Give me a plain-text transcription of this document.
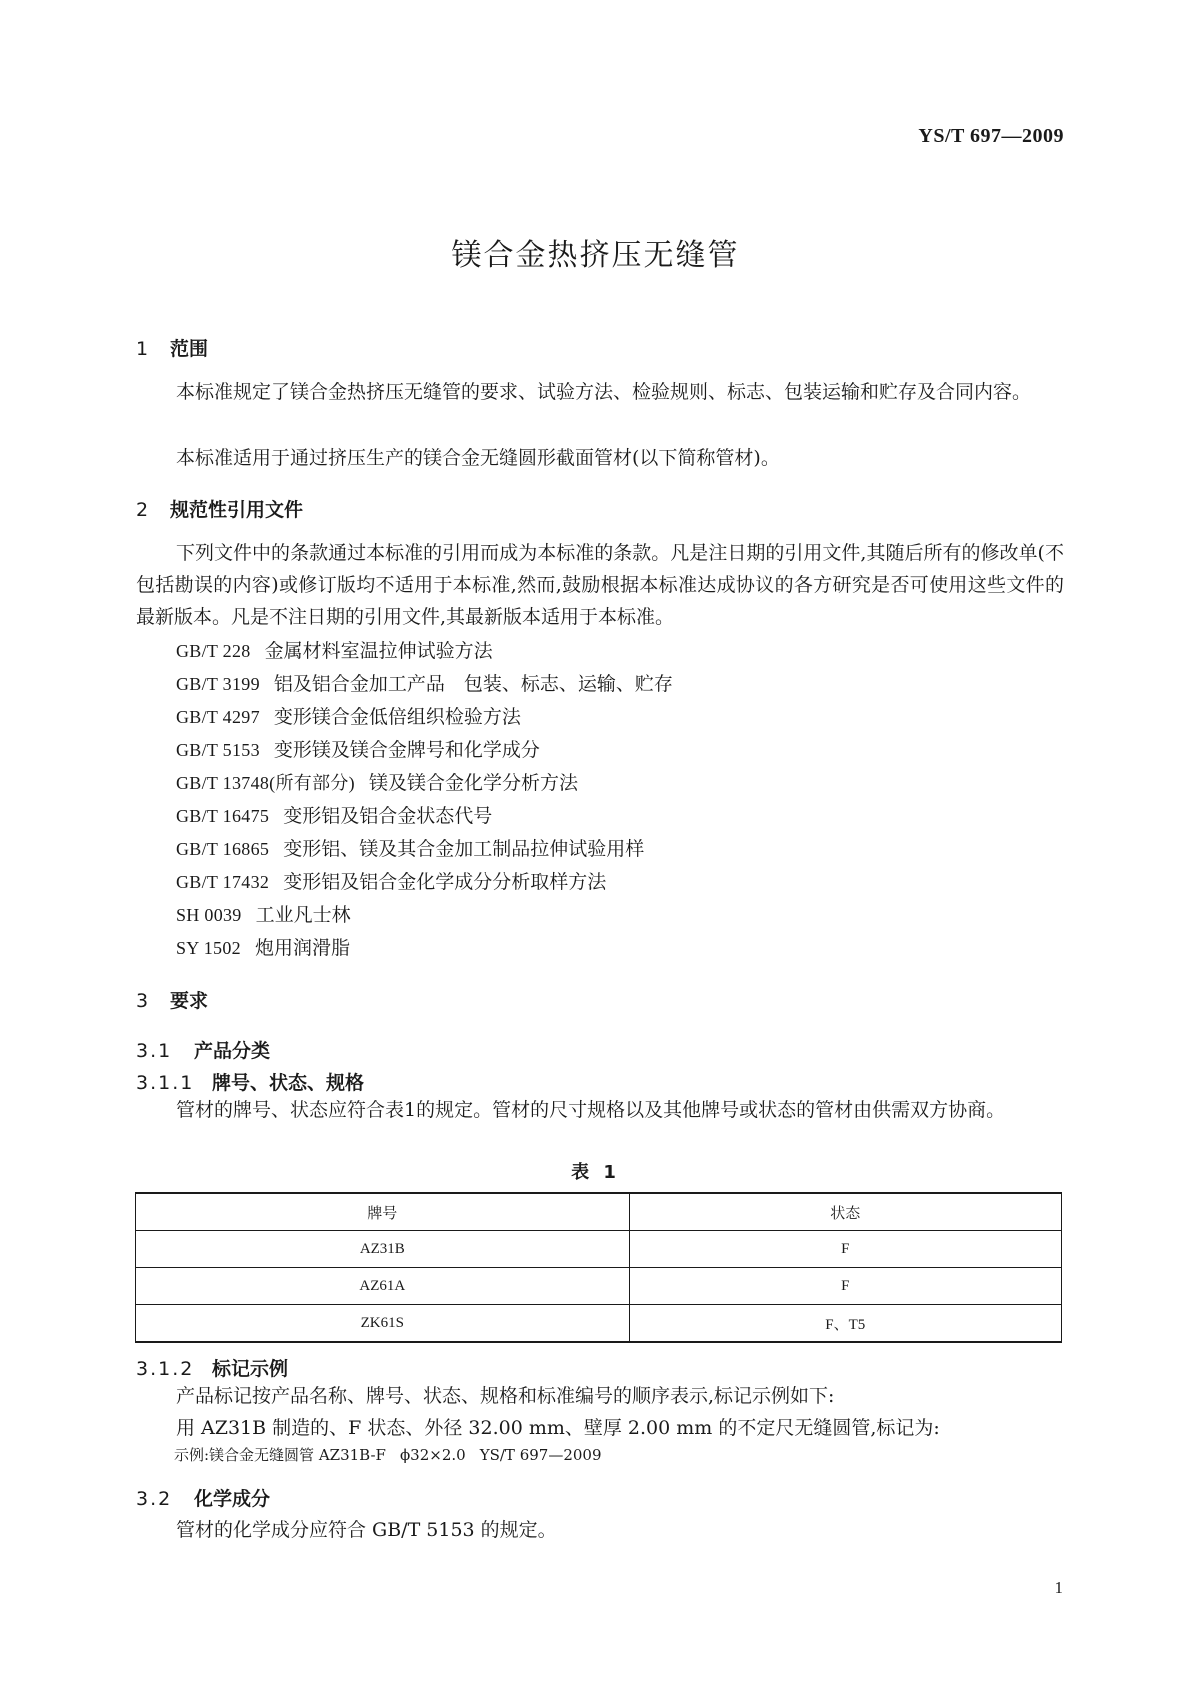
YS/T 697—2009
镁合金热挤压无缝管
1 范围

本标准规定了镁合金热挤压无缝管的要求、试验方法、检验规则、标志、包装运输和贮存及合同内容。

本标准适用于通过挤压生产的镁合金无缝圆形截面管材(以下简称管材)。

2 规范性引用文件

下列文件中的条款通过本标准的引用而成为本标准的条款。凡是注日期的引用文件,其随后所有的修改单(不包括勘误的内容)或修订版均不适用于本标准,然而,鼓励根据本标准达成协议的各方研究是否可使用这些文件的最新版本。凡是不注日期的引用文件,其最新版本适用于本标准。

GB/T 228 金属材料室温拉伸试验方法
GB/T 3199 铝及铝合金加工产品　包装、标志、运输、贮存
GB/T 4297 变形镁合金低倍组织检验方法
GB/T 5153 变形镁及镁合金牌号和化学成分
GB/T 13748(所有部分) 镁及镁合金化学分析方法
GB/T 16475 变形铝及铝合金状态代号
GB/T 16865 变形铝、镁及其合金加工制品拉伸试验用样
GB/T 17432 变形铝及铝合金化学成分分析取样方法
SH 0039 工业凡士林
SY 1502 炮用润滑脂
3 要求
3.1 产品分类
3.1.1 牌号、状态、规格

管材的牌号、状态应符合表1的规定。管材的尺寸规格以及其他牌号或状态的管材由供需双方协商。

表 1
牌号	状态
AZ31B	F
AZ61A	F
ZK61S	F、T5
3.1.2 标记示例
产品标记按产品名称、牌号、状态、规格和标准编号的顺序表示,标记示例如下:
用 AZ31B 制造的、F 状态、外径 32.00 mm、壁厚 2.00 mm 的不定尺无缝圆管,标记为:
示例:镁合金无缝圆管 AZ31B-F ϕ32×2.0 YS/T 697—2009
3.2 化学成分
管材的化学成分应符合 GB/T 5153 的规定。
1
